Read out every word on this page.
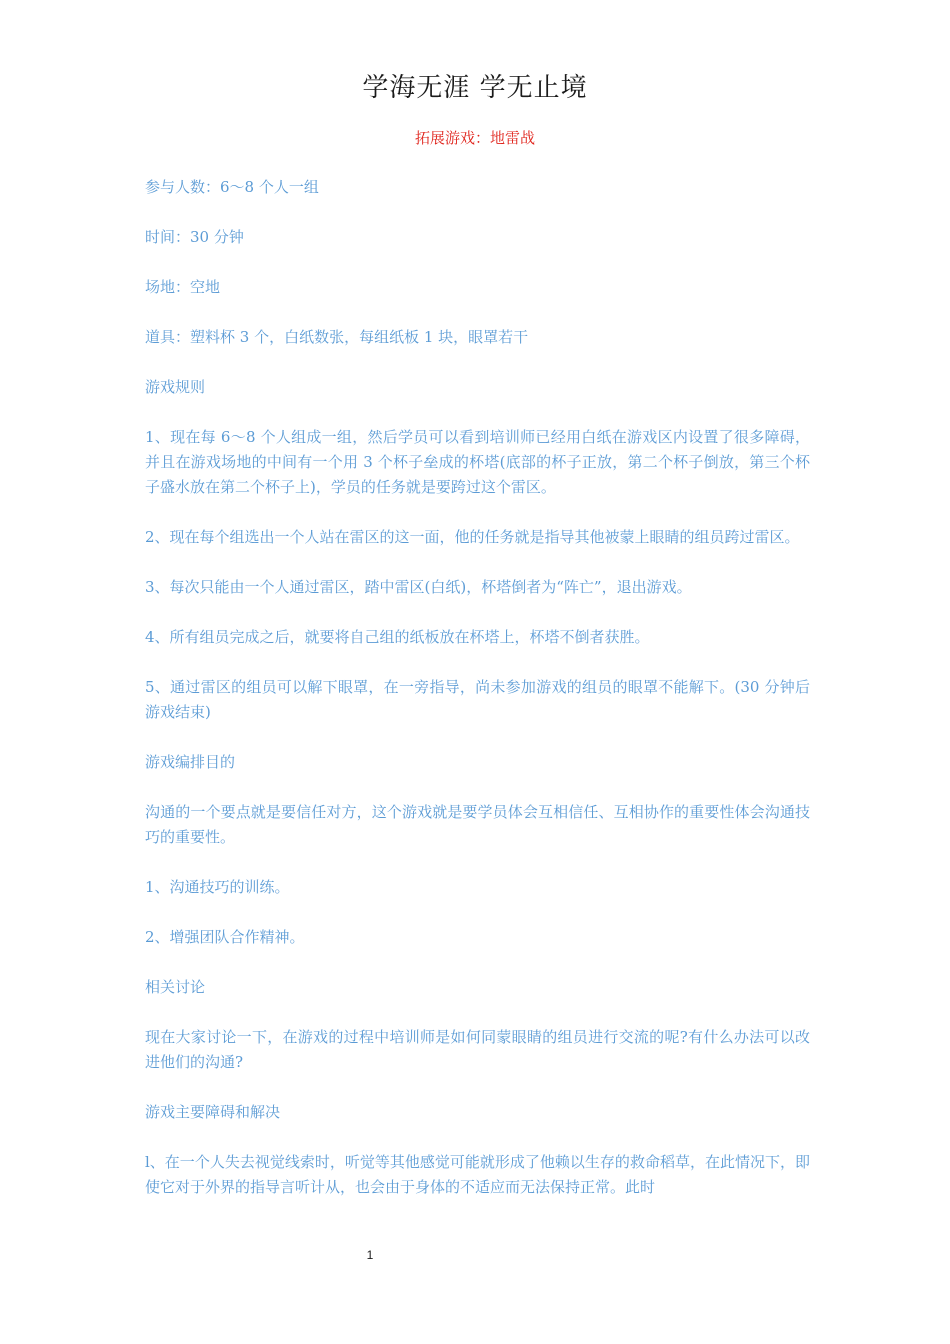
学海无涯 学无止境
拓展游戏：地雷战

参与人数：6～8 个人一组

时间：30 分钟

场地：空地

道具：塑料杯 3 个，白纸数张，每组纸板 1 块，眼罩若干

游戏规则

1、现在每 6～8 个人组成一组，然后学员可以看到培训师已经用白纸在游戏区内设置了很多障碍，并且在游戏场地的中间有一个用 3 个杯子垒成的杯塔(底部的杯子正放，第二个杯子倒放，第三个杯子盛水放在第二个杯子上)，学员的任务就是要跨过这个雷区。

2、现在每个组选出一个人站在雷区的这一面，他的任务就是指导其他被蒙上眼睛的组员跨过雷区。

3、每次只能由一个人通过雷区，踏中雷区(白纸)，杯塔倒者为“阵亡”，退出游戏。

4、所有组员完成之后，就要将自己组的纸板放在杯塔上，杯塔不倒者获胜。

5、通过雷区的组员可以解下眼罩，在一旁指导，尚未参加游戏的组员的眼罩不能解下。(30 分钟后游戏结束)

游戏编排目的

沟通的一个要点就是要信任对方，这个游戏就是要学员体会互相信任、互相协作的重要性体会沟通技巧的重要性。

1、沟通技巧的训练。

2、增强团队合作精神。

相关讨论

现在大家讨论一下，在游戏的过程中培训师是如何同蒙眼睛的组员进行交流的呢?有什么办法可以改进他们的沟通?

游戏主要障碍和解决

l、在一个人失去视觉线索时，听觉等其他感觉可能就形成了他赖以生存的救命稻草，在此情况下，即使它对于外界的指导言听计从，也会由于身体的不适应而无法保持正常。此时

1
